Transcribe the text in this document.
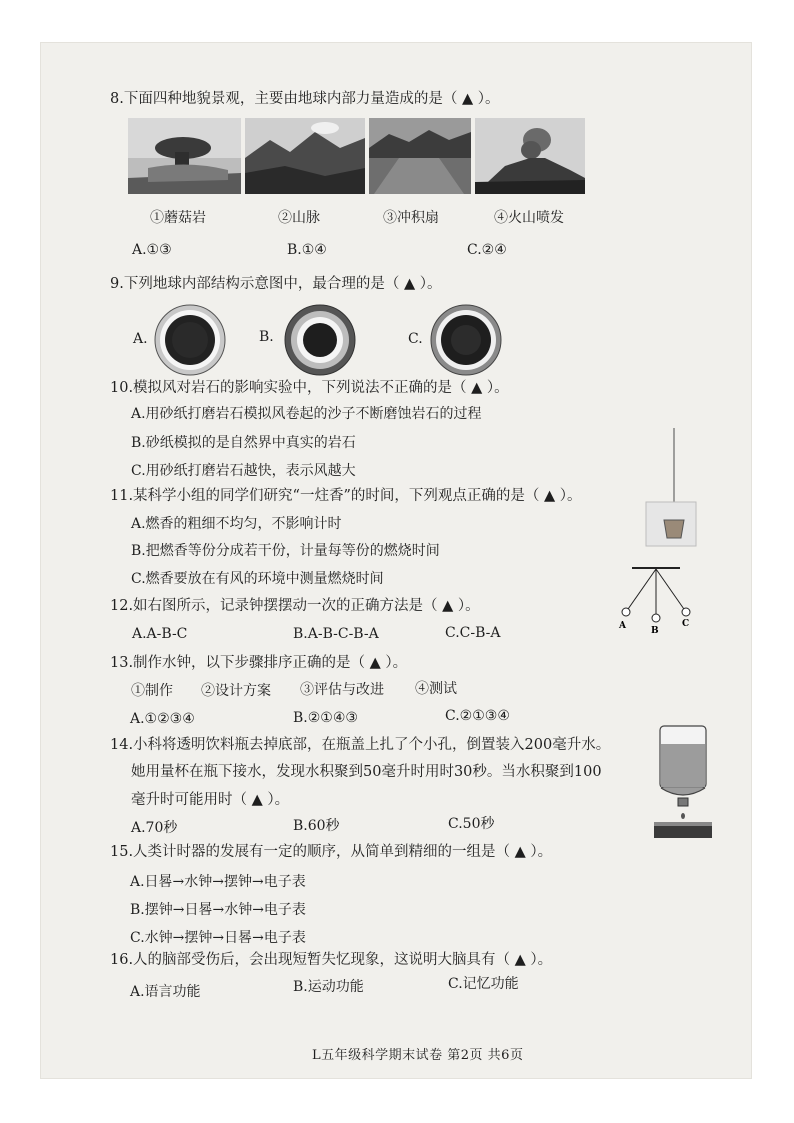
8.下面四种地貌景观，主要由地球内部力量造成的是（ ▲ ）。
①蘑菇岩	②山脉	③冲积扇	④火山喷发
A.①③	B.①④	C.②④
9.下列地球内部结构示意图中，最合理的是（ ▲ ）。
A.	B.	C.
10.模拟风对岩石的影响实验中，下列说法不正确的是（ ▲ ）。
A.用砂纸打磨岩石模拟风卷起的沙子不断磨蚀岩石的过程
B.砂纸模拟的是自然界中真实的岩石
C.用砂纸打磨岩石越快，表示风越大
11.某科学小组的同学们研究“一炷香”的时间，下列观点正确的是（ ▲ ）。
A.燃香的粗细不均匀，不影响计时
B.把燃香等份分成若干份，计量每等份的燃烧时间
C.燃香要放在有风的环境中测量燃烧时间
A	B
C
12.如右图所示，记录钟摆摆动一次的正确方法是（ ▲ ）。
A.A-B-C	B.A-B-C-B-A	C.C-B-A
13.制作水钟，以下步骤排序正确的是（ ▲ ）。
①制作 ②设计方案 ③评估与改进 ④测试
A.①②③④	B.②①④③	C.②①③④
14.小科将透明饮料瓶去掉底部，在瓶盖上扎了个小孔，倒置装入200毫升水。
她用量杯在瓶下接水，发现水积聚到50毫升时用时30秒。当水积聚到100
毫升时可能用时（ ▲ ）。
A.70秒	B.60秒	C.50秒
15.人类计时器的发展有一定的顺序，从简单到精细的一组是（ ▲ ）。
A.日晷→水钟→摆钟→电子表
B.摆钟→日晷→水钟→电子表
C.水钟→摆钟→日晷→电子表
16.人的脑部受伤后，会出现短暂失忆现象，这说明大脑具有（ ▲ ）。
A.语言功能	B.运动功能	C.记忆功能
L五年级科学期末试卷 第2页 共6页
